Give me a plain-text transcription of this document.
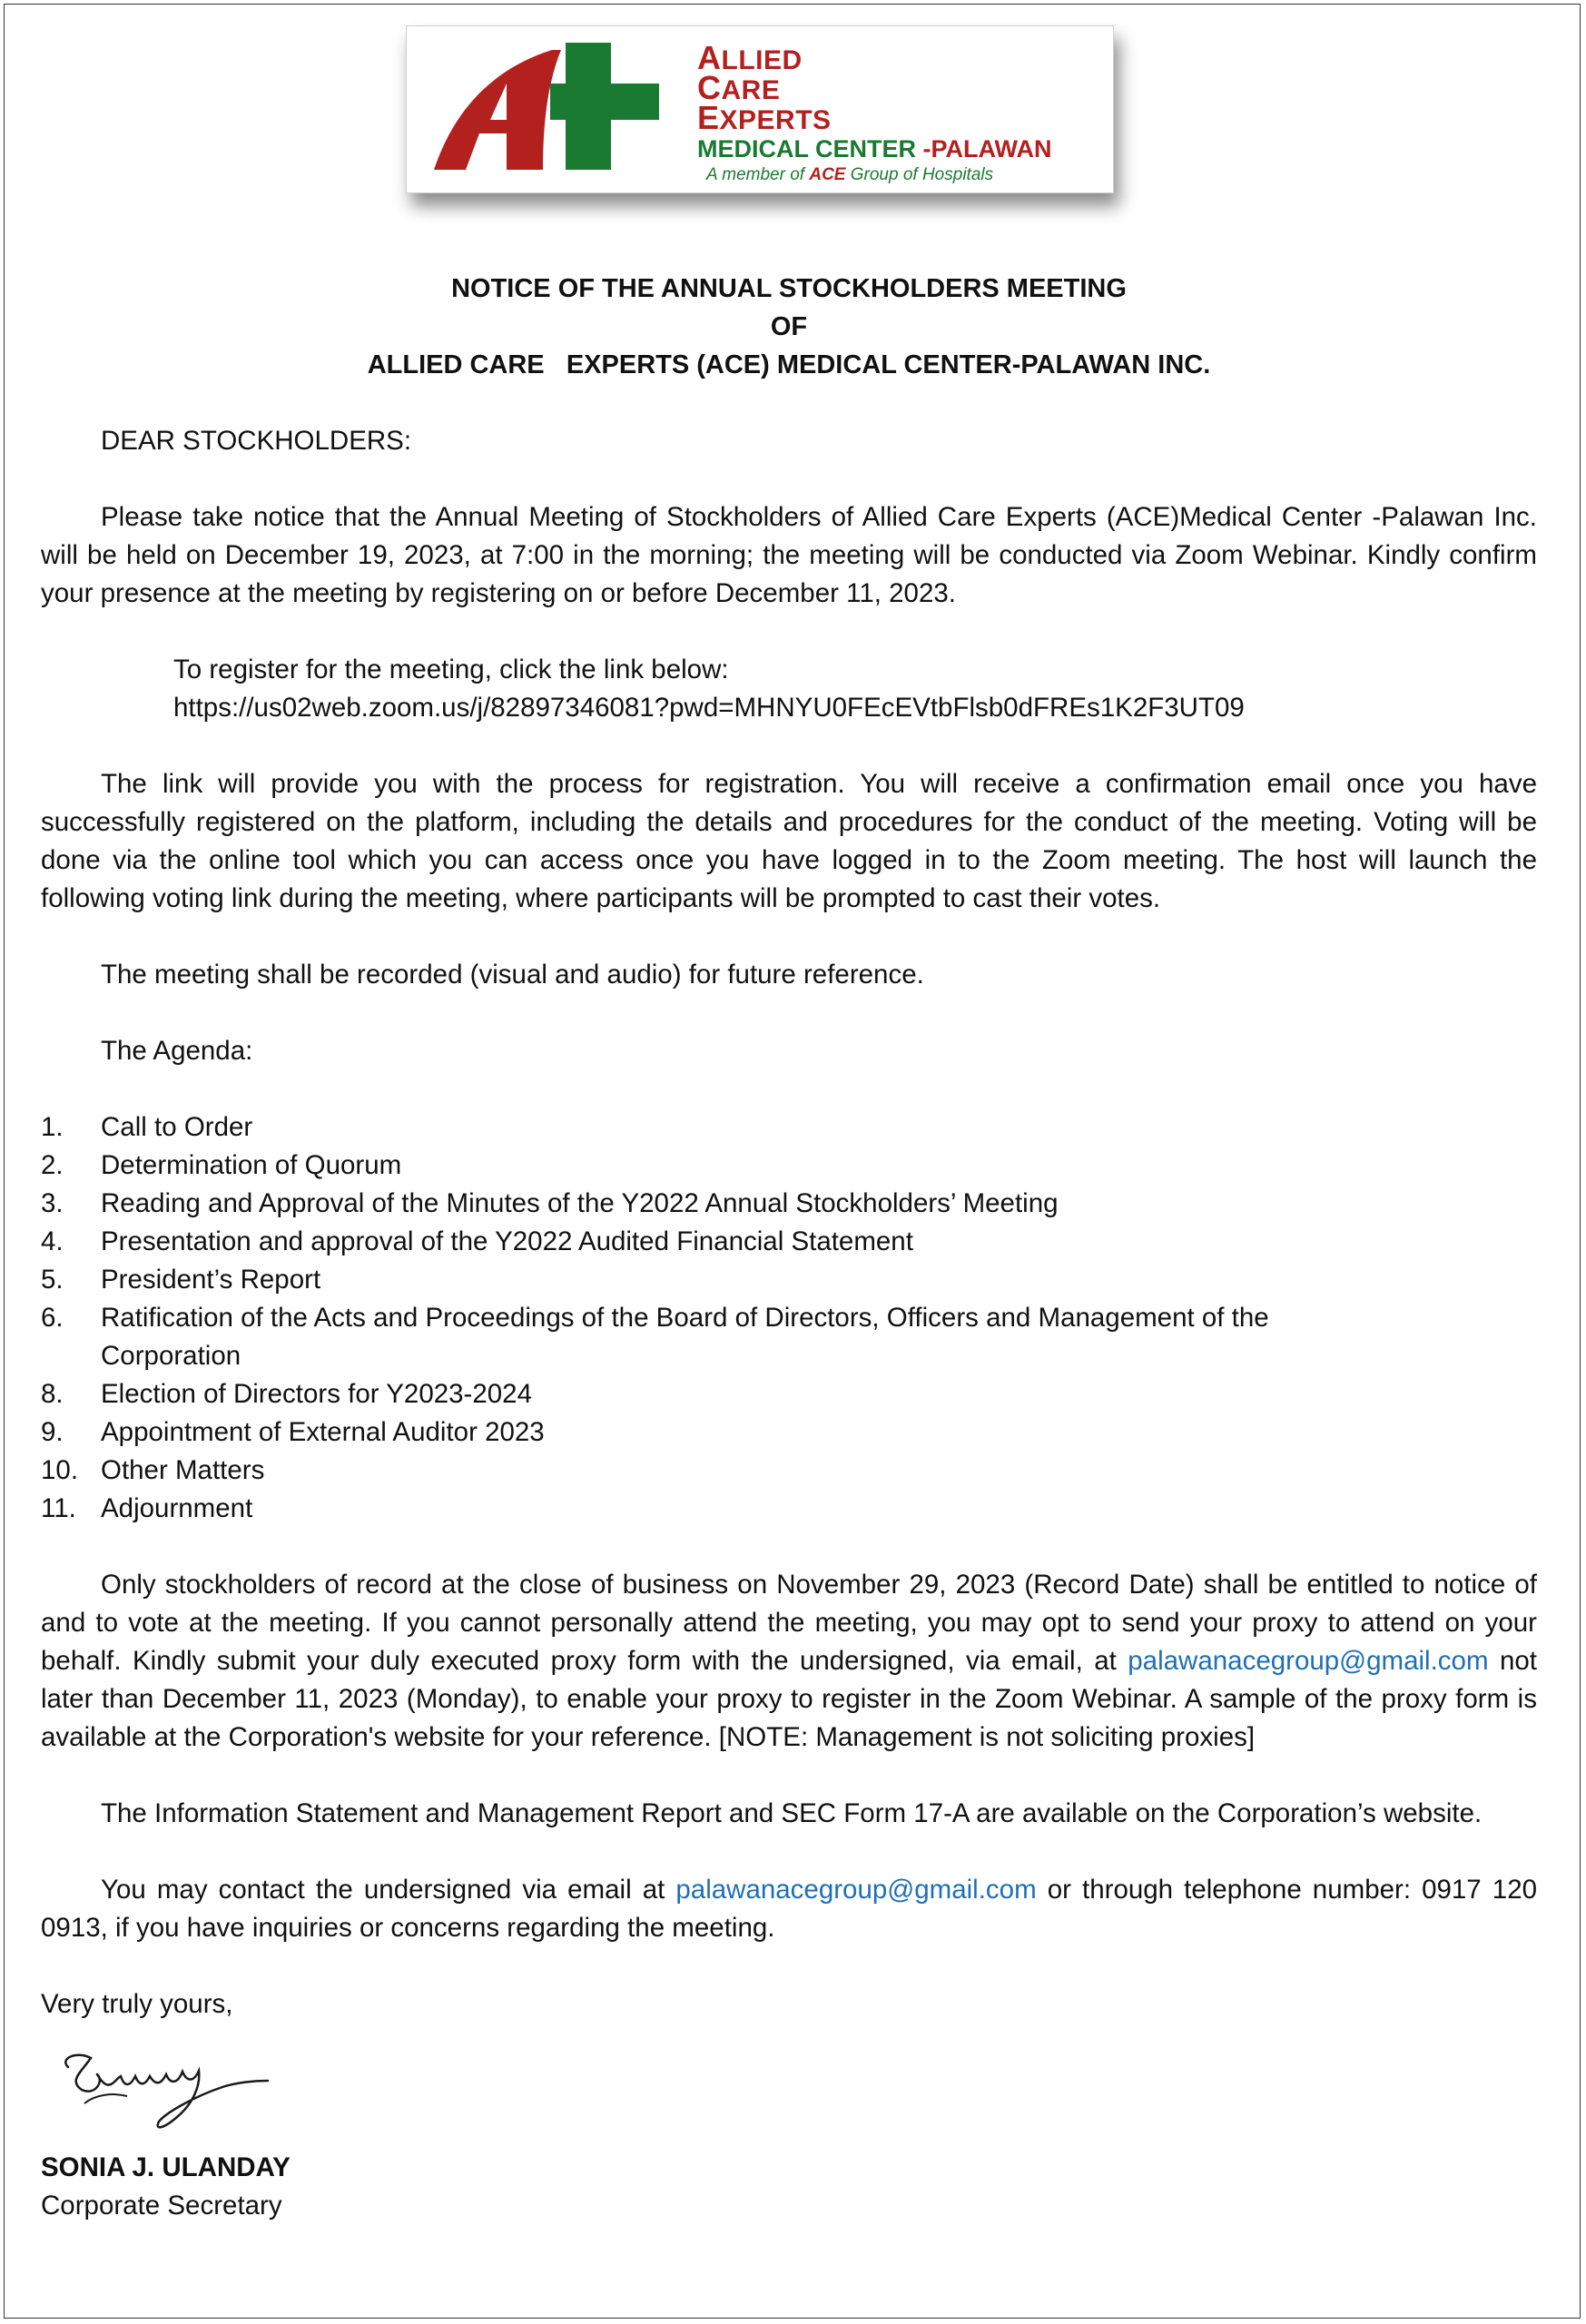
ALLIED
CARE
EXPERTS
MEDICAL CENTER -PALAWAN
A member of ACE Group of Hospitals
NOTICE OF THE ANNUAL STOCKHOLDERS MEETING
OF
ALLIED CARE   EXPERTS (ACE) MEDICAL CENTER-PALAWAN INC.

DEAR STOCKHOLDERS:

Please take notice that the Annual Meeting of Stockholders of Allied Care Experts (ACE)Medical Center -Palawan Inc. will be held on December 19, 2023, at 7:00 in the morning; the meeting will be conducted via Zoom Webinar. Kindly confirm your presence at the meeting by registering on or before December 11, 2023.

To register for the meeting, click the link below:

https://us02web.zoom.us/j/82897346081?pwd=MHNYU0FEcEVtbFlsb0dFREs1K2F3UT09

The link will provide you with the process for registration. You will receive a confirmation email once you have successfully registered on the platform, including the details and procedures for the conduct of the meeting. Voting will be done via the online tool which you can access once you have logged in to the Zoom meeting. The host will launch the following voting link during the meeting, where participants will be prompted to cast their votes.

The meeting shall be recorded (visual and audio) for future reference.

The Agenda:

1.	Call to Order
2.	Determination of Quorum
3.	Reading and Approval of the Minutes of the Y2022 Annual Stockholders’ Meeting
4.	Presentation and approval of the Y2022 Audited Financial Statement
5.	President’s Report
6.	Ratification of the Acts and Proceedings of the Board of Directors, Officers and Management of the Corporation
8.	Election of Directors for Y2023-2024
9.	Appointment of External Auditor 2023
10. Other Matters
11. Adjournment

Only stockholders of record at the close of business on November 29, 2023 (Record Date) shall be entitled to notice of and to vote at the meeting. If you cannot personally attend the meeting, you may opt to send your proxy to attend on your behalf. Kindly submit your duly executed proxy form with the undersigned, via email, at palawanacegroup@gmail.com not later than December 11, 2023 (Monday), to enable your proxy to register in the Zoom Webinar. A sample of the proxy form is available at the Corporation's website for your reference. [NOTE: Management is not soliciting proxies]

The Information Statement and Management Report and SEC Form 17-A are available on the Corporation’s website.

You may contact the undersigned via email at palawanacegroup@gmail.com or through telephone number: 0917 120 0913, if you have inquiries or concerns regarding the meeting.

Very truly yours,

SONIA J. ULANDAY

Corporate Secretary
